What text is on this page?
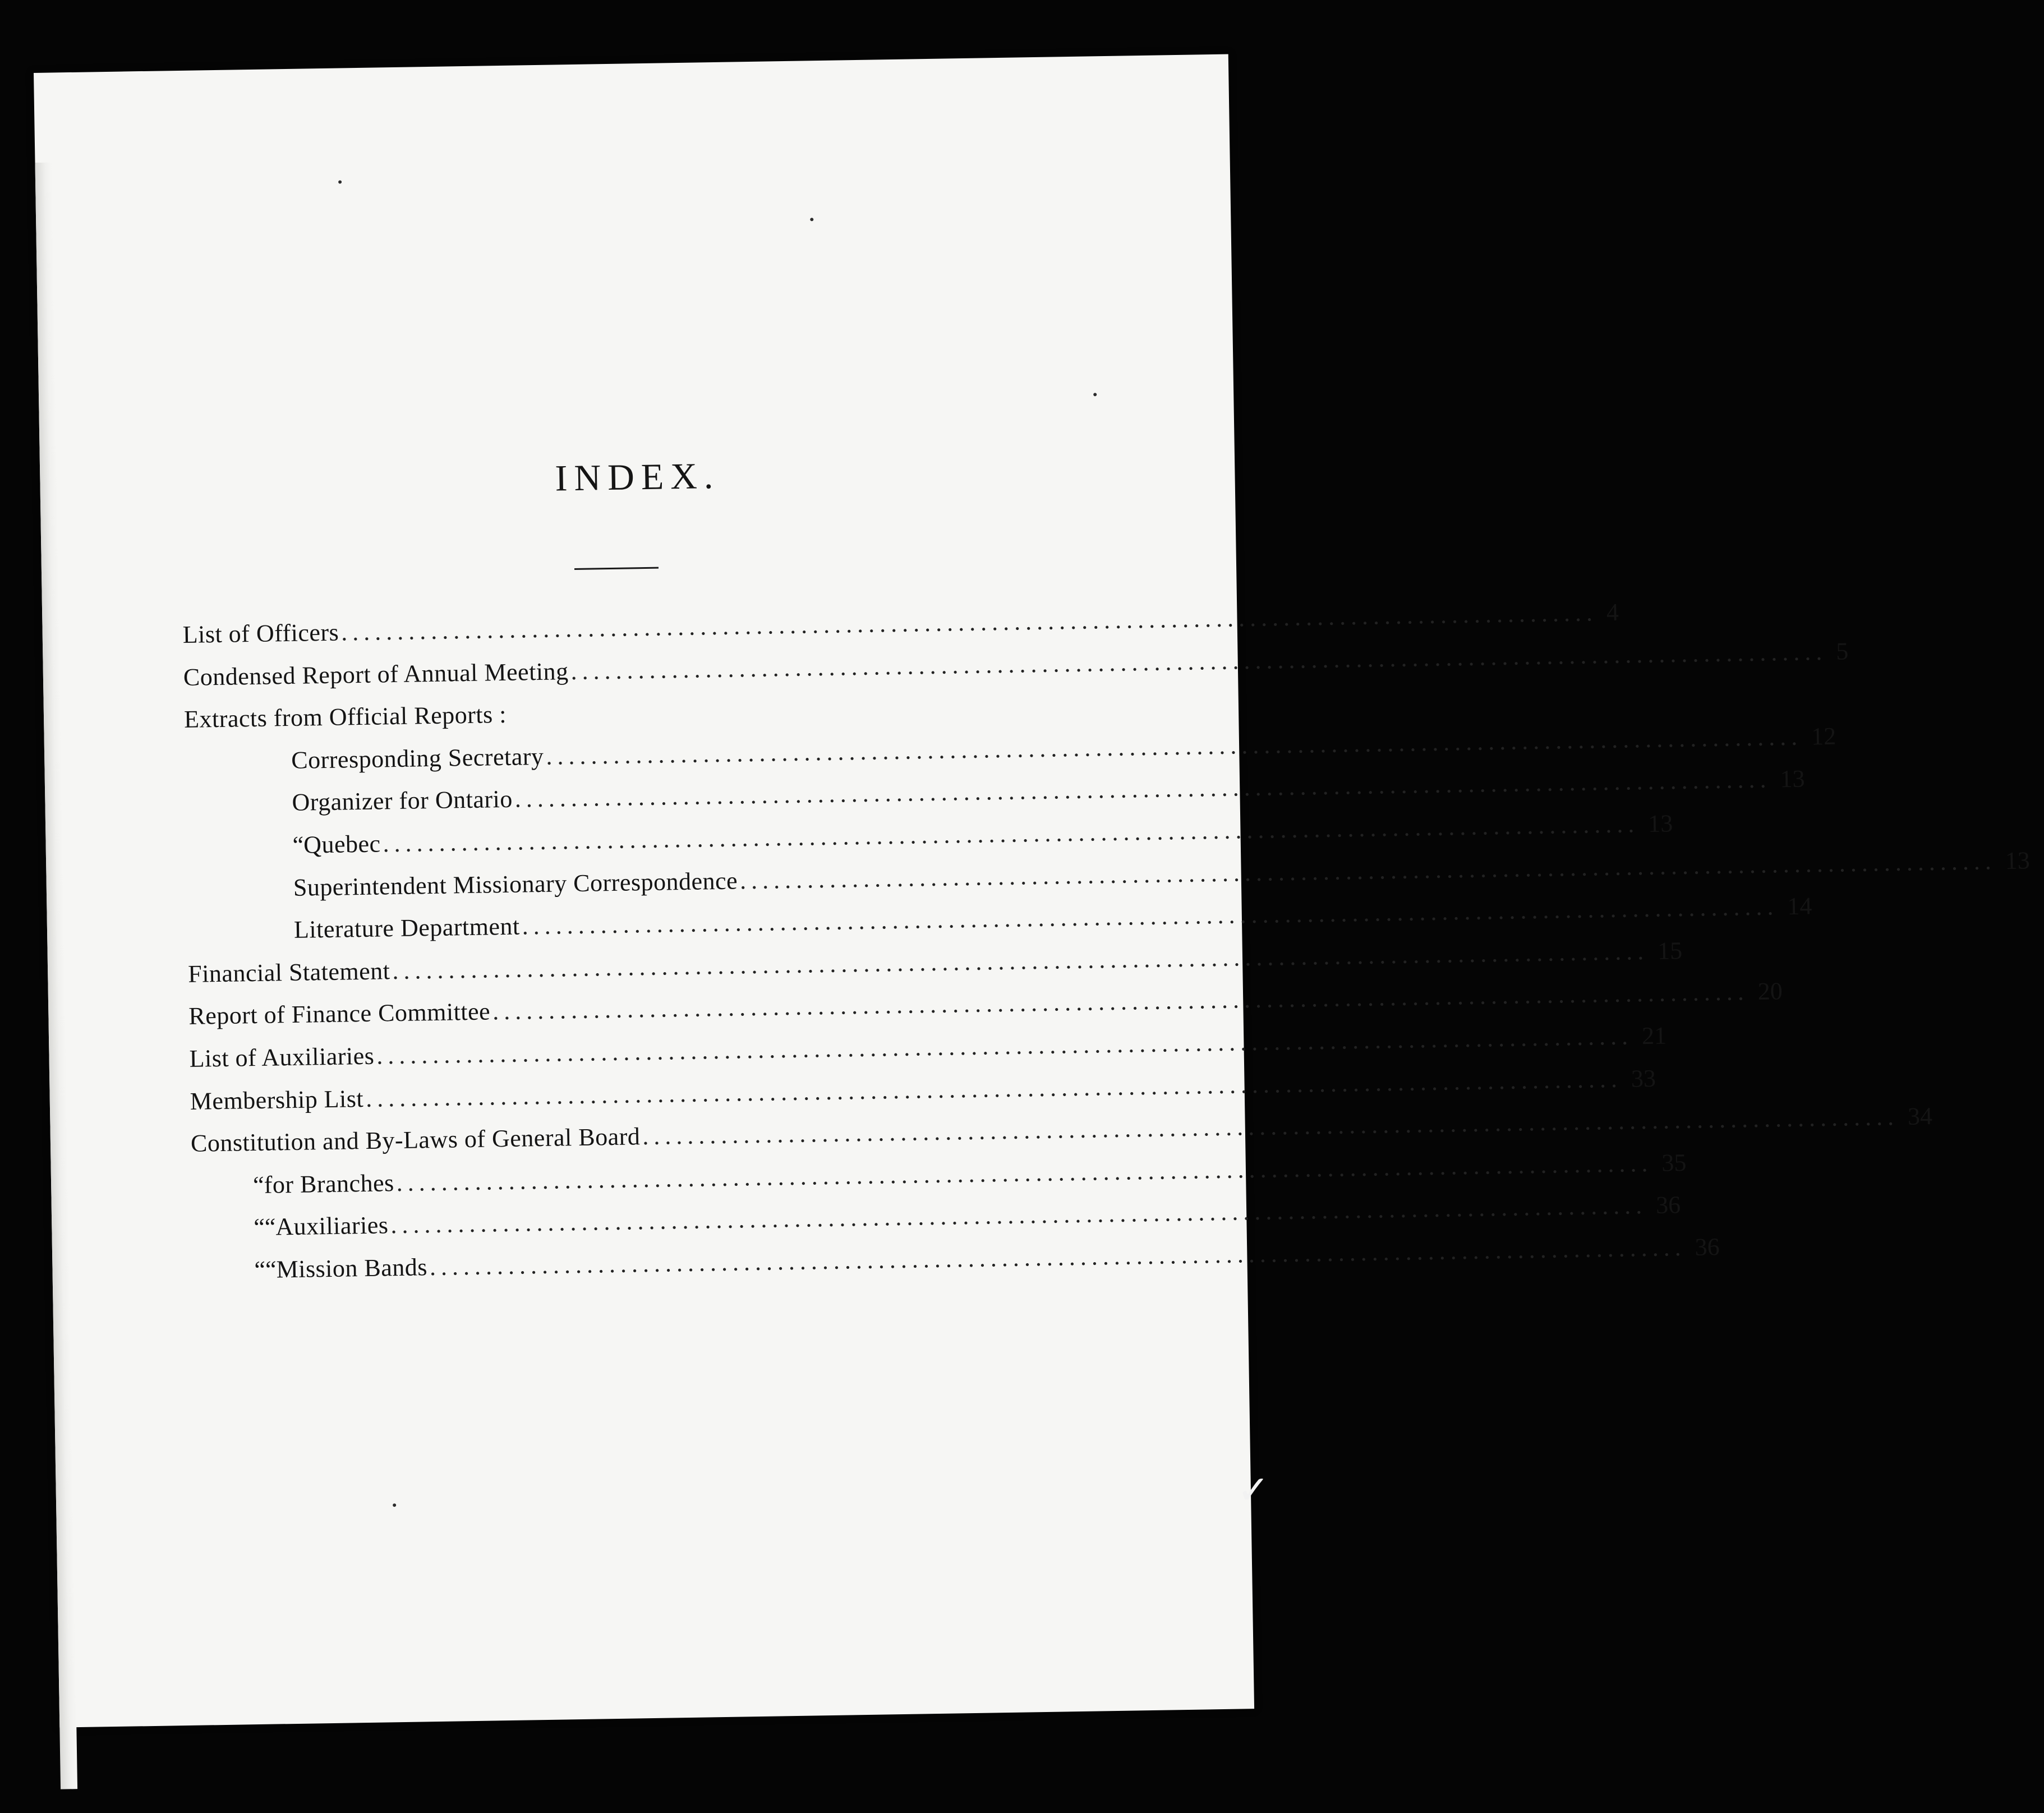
INDEX.
List of Officers ................................................................................................................ 4
Condensed Report of Annual Meeting ................................................................................................................ 5
Extracts from Official Reports :
Corresponding Secretary ................................................................................................................ 12
Organizer for Ontario ................................................................................................................ 13
“ Quebec ................................................................................................................ 13
Superintendent Missionary Correspondence ................................................................................................................ 13
Literature Department ................................................................................................................ 14
Financial Statement ................................................................................................................ 15
Report of Finance Committee ................................................................................................................ 20
List of Auxiliaries ................................................................................................................ 21
Membership List ................................................................................................................ 33
Constitution and By-Laws of General Board ................................................................................................................ 34
“ for Branches ................................................................................................................ 35
“ “ Auxiliaries ................................................................................................................ 36
“ “ Mission Bands ................................................................................................................ 36
✓
